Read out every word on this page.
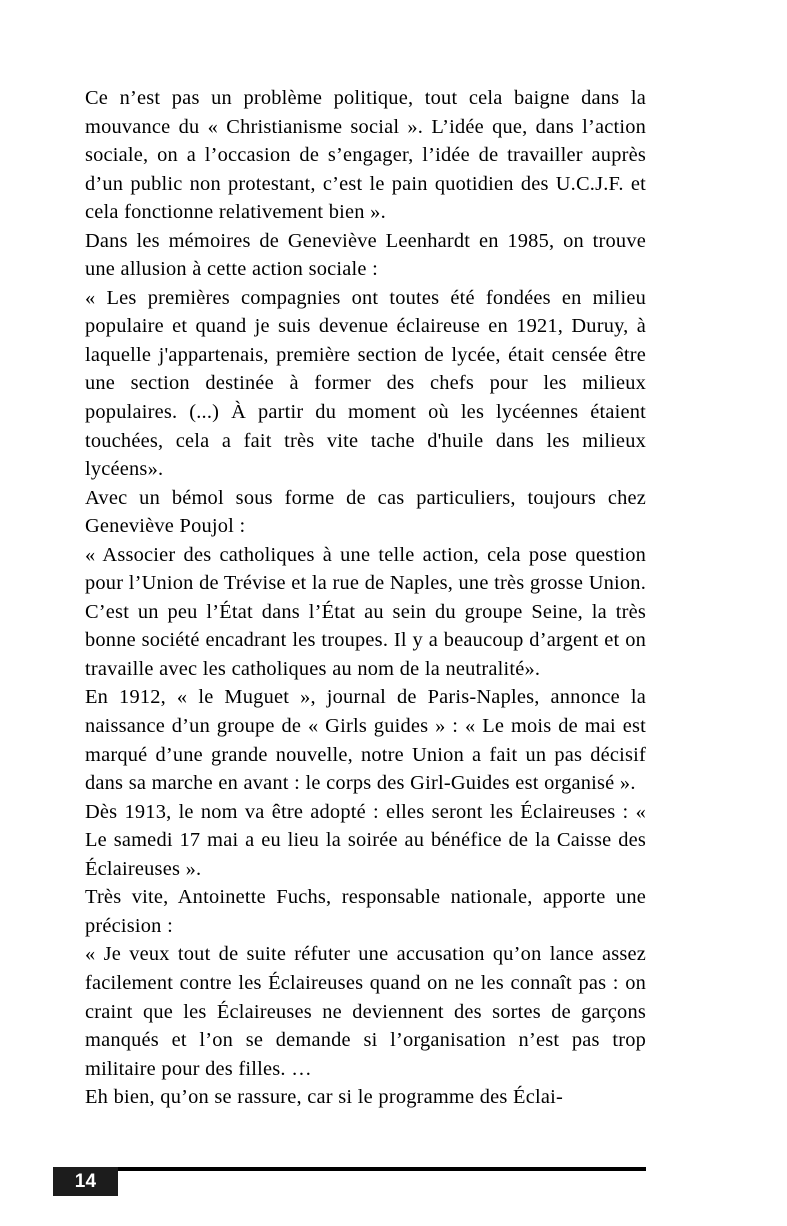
Ce n’est pas un problème politique, tout cela baigne dans la mouvance du « Christianisme social ». L’idée que, dans l’action sociale, on a l’occasion de s’engager, l’idée de travailler auprès d’un public non protestant, c’est le pain quotidien des U.C.J.F. et cela fonctionne relativement bien ».

Dans les mémoires de Geneviève Leenhardt en 1985, on trouve une allusion à cette action sociale :

« Les premières compagnies ont toutes été fondées en milieu populaire et quand je suis devenue éclaireuse en 1921, Duruy, à laquelle j'appartenais, première section de lycée, était censée être une section destinée à former des chefs pour les milieux populaires. (...) À partir du moment où les lycéennes étaient touchées, cela a fait très vite tache d'huile dans les milieux lycéens».

Avec un bémol sous forme de cas particuliers, toujours chez Geneviève Poujol :

« Associer des catholiques à une telle action, cela pose question pour l’Union de Trévise et la rue de Naples, une très grosse Union. C’est un peu l’État dans l’État au sein du groupe Seine, la très bonne société encadrant les troupes. Il y a beaucoup d’argent et on travaille avec les catholiques au nom de la neutralité».

En 1912, « le Muguet », journal de Paris-Naples, annonce la naissance d’un groupe de « Girls guides » : « Le mois de mai est marqué d’une grande nouvelle, notre Union a fait un pas décisif dans sa marche en avant : le corps des Girl-Guides est organisé ».

Dès 1913, le nom va être adopté : elles seront les Éclaireuses : « Le samedi 17 mai a eu lieu la soirée au bénéfice de la Caisse des Éclaireuses ».

Très vite, Antoinette Fuchs, responsable nationale, apporte une précision :

« Je veux tout de suite réfuter une accusation qu’on lance assez facilement contre les Éclaireuses quand on ne les connaît pas : on craint que les Éclaireuses ne deviennent des sortes de garçons manqués et l’on se demande si l’organisation n’est pas trop militaire pour des filles. …

Eh bien, qu’on se rassure, car si le programme des Éclai-

14
